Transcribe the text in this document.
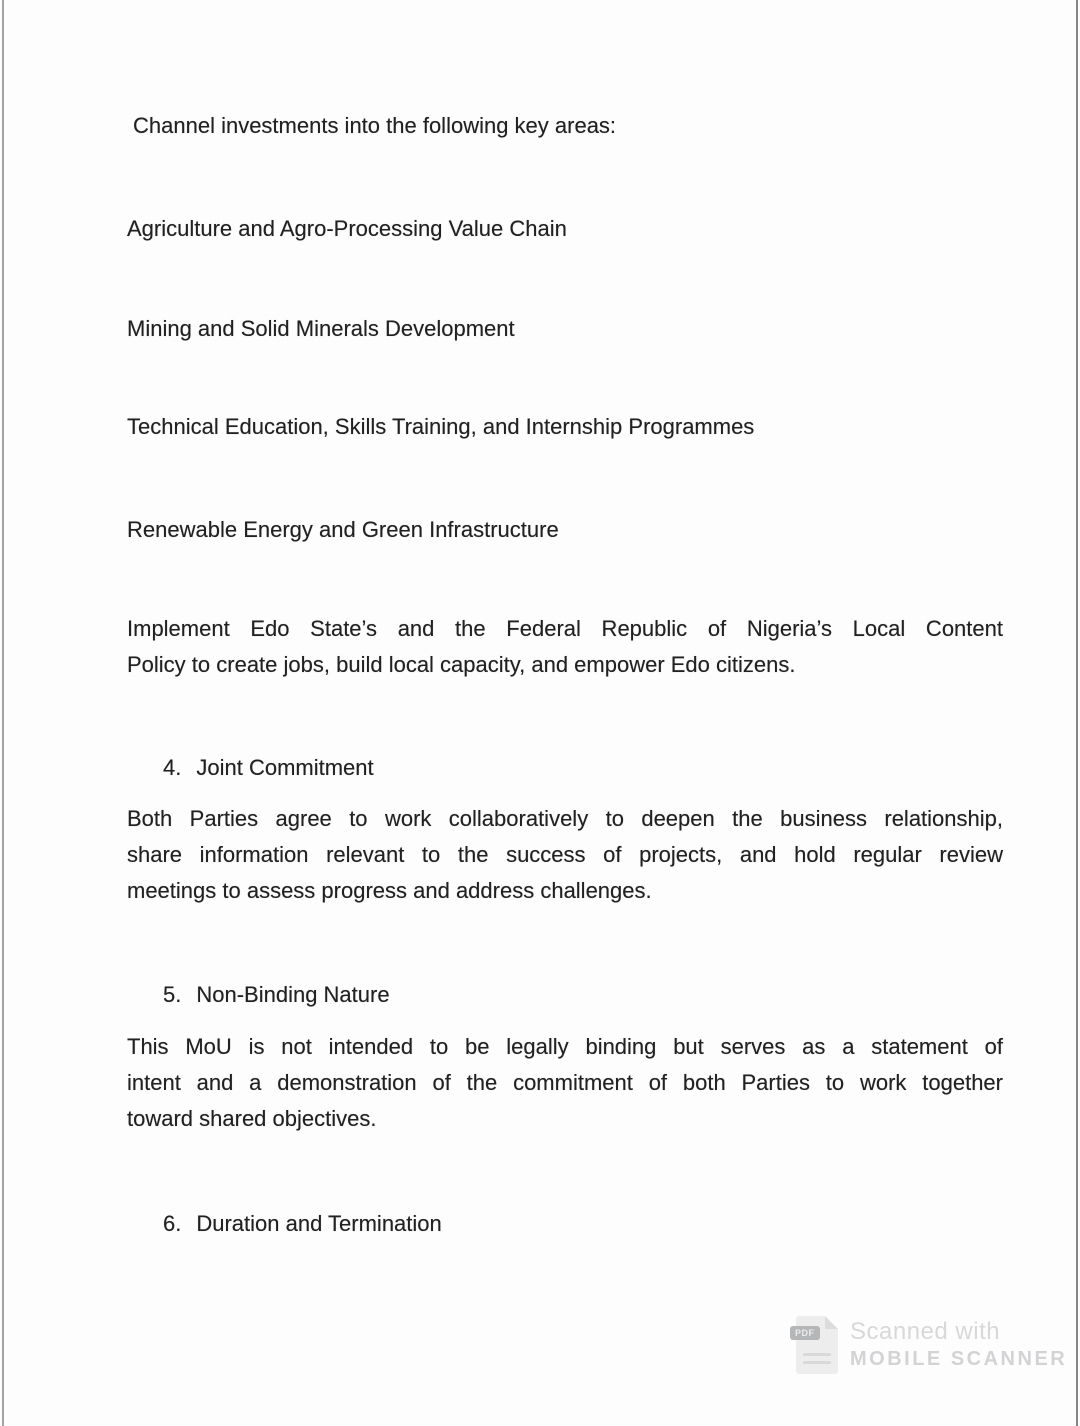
Channel investments into the following key areas:
Agriculture and Agro-Processing Value Chain
Mining and Solid Minerals Development
Technical Education, Skills Training, and Internship Programmes
Renewable Energy and Green Infrastructure
Implement Edo State’s and the Federal Republic of Nigeria’s Local Content
Policy to create jobs, build local capacity, and empower Edo citizens.
4. Joint Commitment
Both Parties agree to work collaboratively to deepen the business relationship,
share information relevant to the success of projects, and hold regular review
meetings to assess progress and address challenges.
5. Non-Binding Nature
This MoU is not intended to be legally binding but serves as a statement of
intent and a demonstration of the commitment of both Parties to work together
toward shared objectives.
6. Duration and Termination
PDF Scanned with
MOBILE SCANNER
